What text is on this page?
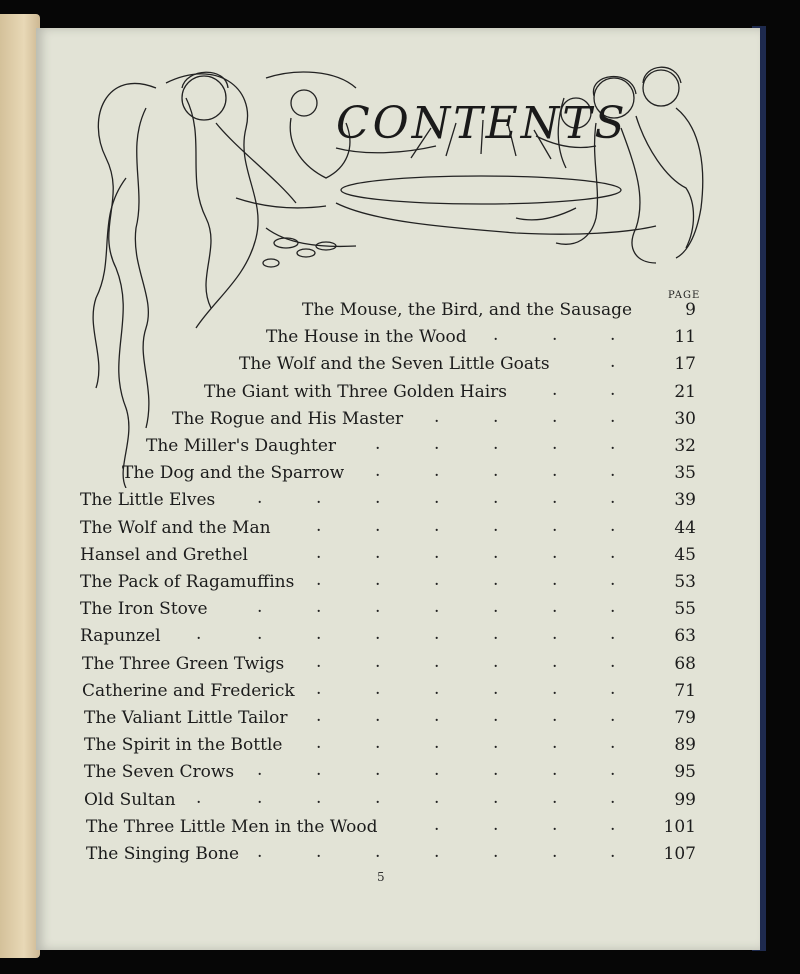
CONTENTS
PAGE
5
The Mouse, the Bird, and the Sausage	9
The House in the Wood .	.	.	11
The Wolf and the Seven Little Goats	.	17
The Giant with Three Golden Hairs	.	.	21
The Rogue and His Master .	.	.	.	30
The Miller's Daughter .	.	.	.	.	32
The Dog and the Sparrow .	.	.	.	.	35
The Little Elves .	.	.	.	.	.	.	39
The Wolf and the Man	.	.	.	.	.	.	44
Hansel and Grethel	.	.	.	.	.	.	45
The Pack of Ragamuffins .	.	.	.	.	.	53
The Iron Stove	.	.	.	.	.	.	.	55
Rapunzel .	.	.	.	.	.	.	.	63
The Three Green Twigs .	.	.	.	.	.	68
Catherine and Frederick .	.	.	.	.	.	71
The Valiant Little Tailor .	.	.	.	.	.	79
The Spirit in the Bottle .	.	.	.	.	.	89
The Seven Crows .	.	.	.	.	.	.	95
Old Sultan .	.	.	.	.	.	.	.	99
The Three Little Men in the Wood	.	.	.	.	101
The Singing Bone .	.	.	.	.	.	.	107
